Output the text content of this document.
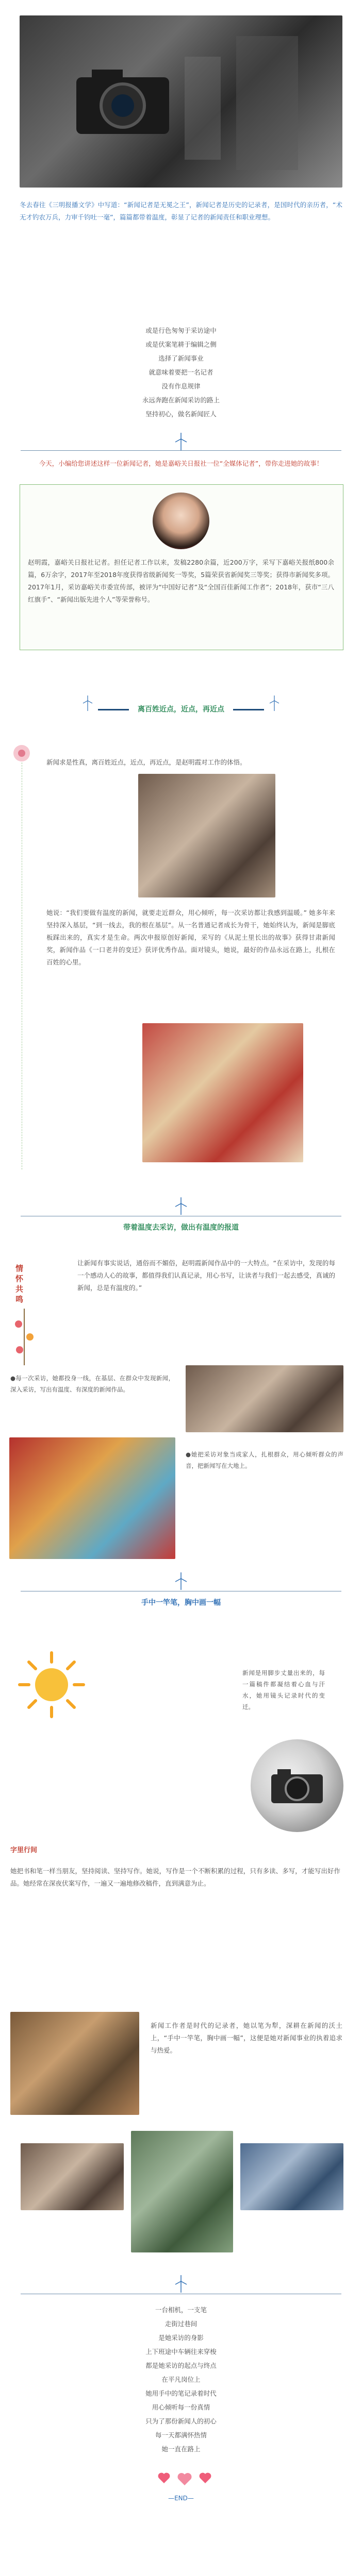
冬去春往《三明报播文学》中写道：“新闻记者是无冕之王”，新闻记者是历史的记录者，是国时代的亲历者，“术无才钓农万兵，力审千钧吐一毫”，篇篇都带着温度，彰显了记者的新闻责任和职业理想。
或是行色匆匆于采访途中
或是伏案笔耕于编辑之侧
选择了新闻事业
就意味着要把一名记者
没有作息规律
永远奔跑在新闻采访的路上
坚持初心，做名新闻匠人
今天，小编给您讲述这样一位新闻记者，她是嘉峪关日报社一位“全媒体记者”，带你走进她的故事！
赵明霞，嘉峪关日报社记者。担任记者工作以来，发稿2280余篇，近200万字，采写下嘉峪关报纸800余篇，6万余字，2017年至2018年度获得省级新闻奖一等奖，5篇荣获省新闻奖三等奖；获得市新闻奖多项。2017年1月，采访嘉峪关市委宣传部，被评为“中国好记者”及“全国百佳新闻工作者”；2018年，获市“三八红旗手”、“新闻出版先进个人”等荣誉称号。
离百姓近点，近点，再近点
新闻求是性真，离百姓近点，近点，再近点，是赵明霞对工作的体悟。
她说：“我们要做有温度的新闻，就要走近群众，用心倾听，每一次采访都让我感到温暖。” 她多年来坚持深入基层，“到一线去，我的根在基层”。从一名普通记者成长为骨干，她始终认为，新闻是脚底板踩出来的，真实才是生命。两次申报原创好新闻，采写的《从泥土里长出的故事》获得甘肃新闻奖，新闻作品《一口老井的变迁》获评优秀作品。面对镜头，她说，最好的作品永远在路上，扎根在百姓的心里。
带着温度去采访，做出有温度的报道
情怀共鸣
让新闻有事实说话，通俗而不媚俗，赵明霞新闻作品中的一大特点。“在采访中，发现的每一个感动人心的故事，都值得我们认真记录，用心书写，让读者与我们一起去感受，真诚的新闻，总是有温度的。”
●每一次采访，她都投身一线，在基层、在群众中发现新闻，深入采访，写出有温度、有深度的新闻作品。
●她把采访对象当成家人，扎根群众，用心倾听群众的声音，把新闻写在大地上。
手中一竿笔，胸中画一幅
新闻是用脚步丈量出来的，每一篇稿件都凝结着心血与汗水，她用镜头记录时代的变迁。
字里行间
她把书和笔一样当朋友，坚持阅读、坚持写作。她说，写作是一个不断积累的过程，只有多读、多写，才能写出好作品。她经常在深夜伏案写作，一遍又一遍地修改稿件，直到满意为止。
新闻工作者是时代的记录者，她以笔为犁，深耕在新闻的沃土上，“手中一竿笔，胸中画一幅”，这便是她对新闻事业的执着追求与热爱。
一台相机，一支笔
走街过巷间
是她采访的身影
上下班途中车辆往来穿梭
都是她采访的起点与终点
在平凡岗位上
她用手中的笔记录着时代
用心倾听每一份真情
只为了那份新闻人的初心
每一天都满怀热情
她一直在路上
—END—
